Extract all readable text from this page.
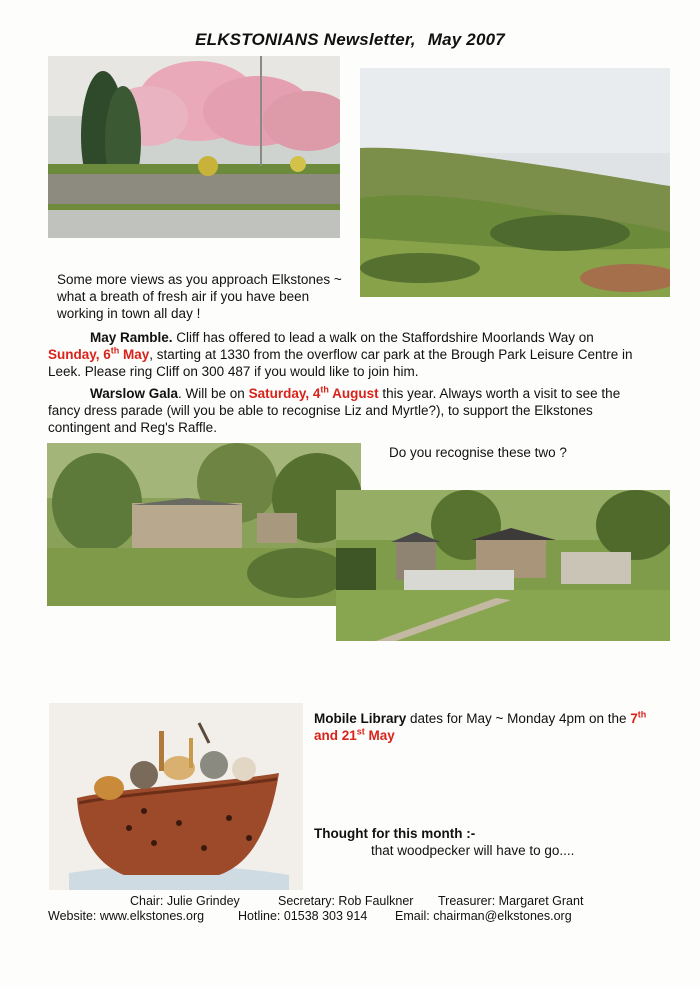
ELKSTONIANS Newsletter, May 2007
Some more views as you approach Elkstones ~
what a breath of fresh air if you have been
working in town all day !
May Ramble. Cliff has offered to lead a walk on the Staffordshire Moorlands Way on
Sunday, 6th May, starting at 1330 from the overflow car park at the Brough Park Leisure Centre in
Leek. Please ring Cliff on 300 487 if you would like to join him.
Warslow Gala. Will be on Saturday, 4th August this year. Always worth a visit to see the
fancy dress parade (will you be able to recognise Liz and Myrtle?), to support the Elkstones
contingent and Reg's Raffle.
Do you recognise these two ?
Mobile Library dates for May ~ Monday 4pm on the 7th
and 21st May
Thought for this month :-
that woodpecker will have to go....
Chair: Julie Grindey	Secretary: Rob Faulkner Treasurer: Margaret Grant
Website: www.elkstones.org	Hotline: 01538 303 914 Email: chairman@elkstones.org
